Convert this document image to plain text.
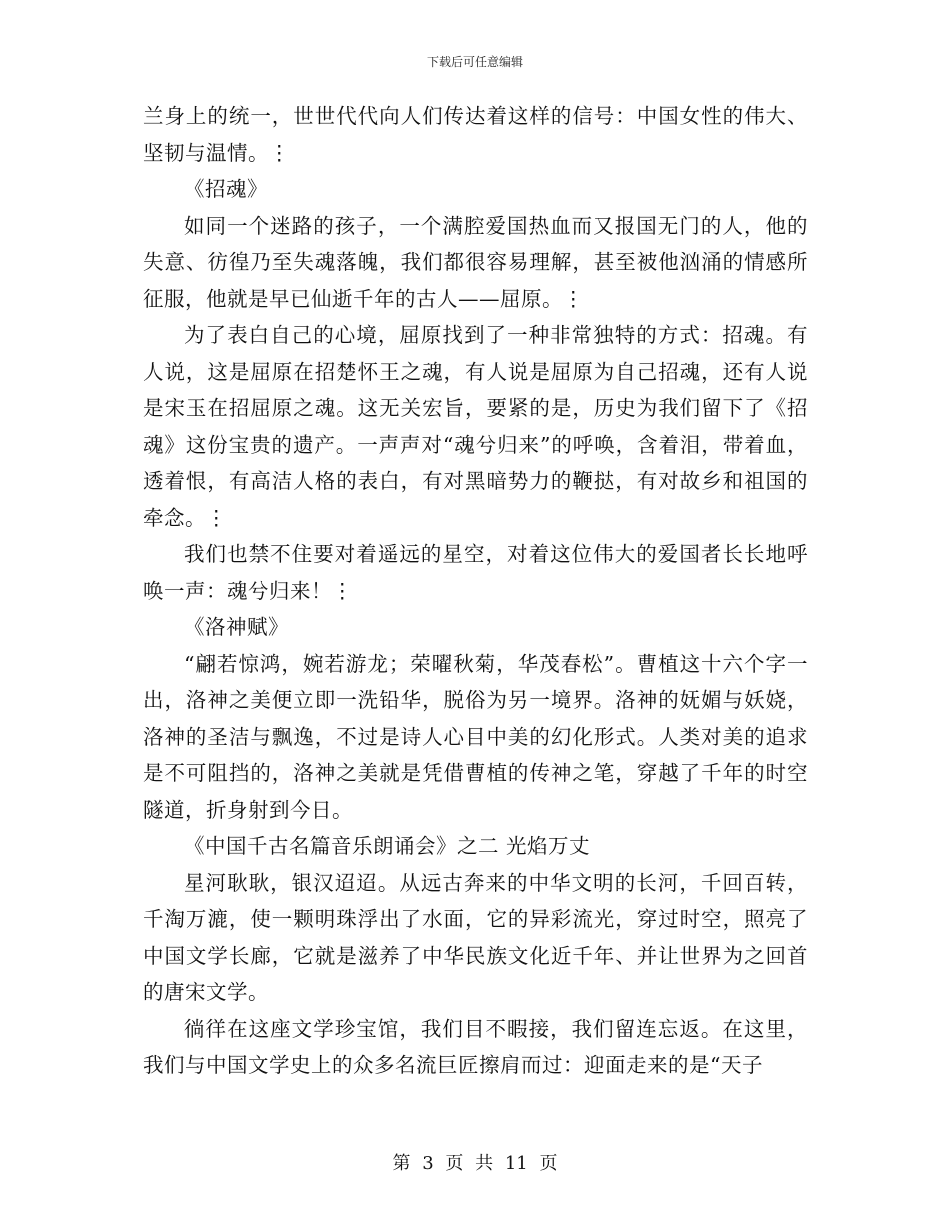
下载后可任意编辑

兰身上的统一，世世代代向人们传达着这样的信号：中国女性的伟大、坚韧与温情。⋮

《招魂》

如同一个迷路的孩子，一个满腔爱国热血而又报国无门的人，他的失意、彷徨乃至失魂落魄，我们都很容易理解，甚至被他汹涌的情感所征服，他就是早已仙逝千年的古人——屈原。⋮

为了表白自己的心境，屈原找到了一种非常独特的方式：招魂。有人说，这是屈原在招楚怀王之魂，有人说是屈原为自己招魂，还有人说是宋玉在招屈原之魂。这无关宏旨，要紧的是，历史为我们留下了《招魂》这份宝贵的遗产。一声声对“魂兮归来”的呼唤，含着泪，带着血，透着恨，有高洁人格的表白，有对黑暗势力的鞭挞，有对故乡和祖国的牵念。⋮

我们也禁不住要对着遥远的星空，对着这位伟大的爱国者长长地呼唤一声：魂兮归来！⋮

《洛神赋》

“翩若惊鸿，婉若游龙；荣曜秋菊，华茂春松”。曹植这十六个字一出，洛神之美便立即一洗铅华，脱俗为另一境界。洛神的妩媚与妖娆，洛神的圣洁与飘逸，不过是诗人心目中美的幻化形式。人类对美的追求是不可阻挡的，洛神之美就是凭借曹植的传神之笔，穿越了千年的时空隧道，折身射到今日。

《中国千古名篇音乐朗诵会》之二 光焰万丈

星河耿耿，银汉迢迢。从远古奔来的中华文明的长河，千回百转，千淘万漉，使一颗明珠浮出了水面，它的异彩流光，穿过时空，照亮了中国文学长廊，它就是滋养了中华民族文化近千年、并让世界为之回首的唐宋文学。

徜徉在这座文学珍宝馆，我们目不暇接，我们留连忘返。在这里，我们与中国文学史上的众多名流巨匠擦肩而过：迎面走来的是“天子

第 3 页 共 11 页
